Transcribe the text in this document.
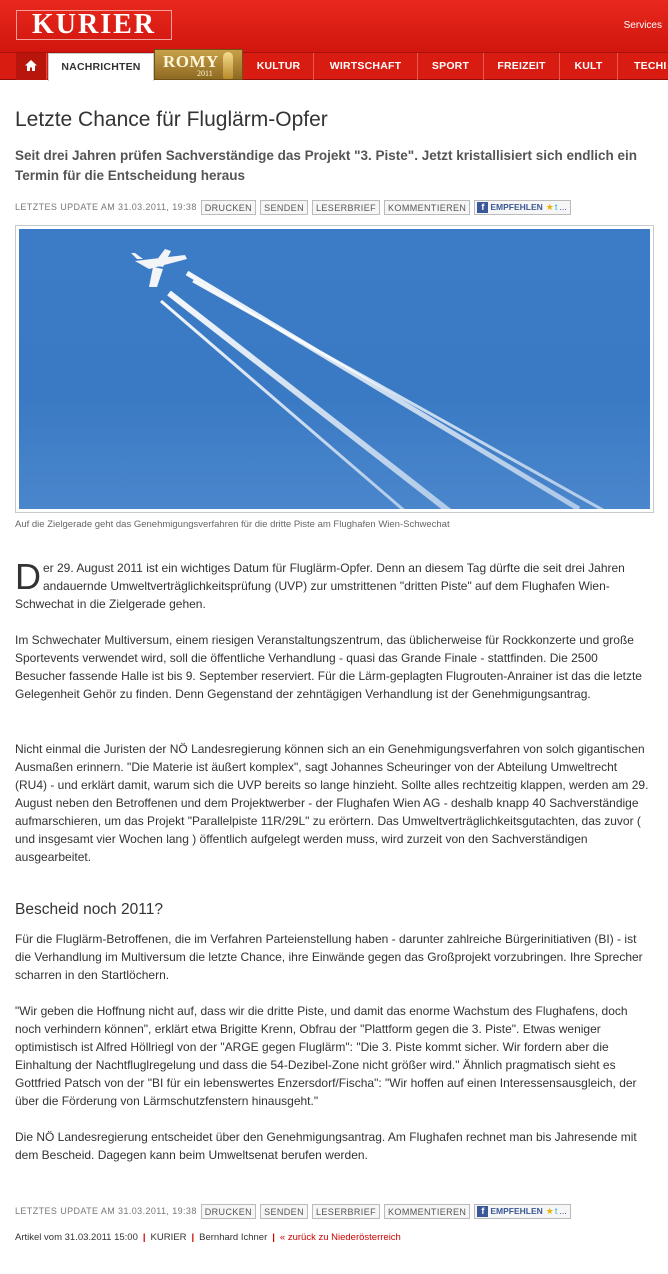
KURIER	Services
NACHRICHTEN	ROMY
2011
KULTUR	WIRTSCHAFT	SPORT	FREIZEIT	KULT	TECHI
Letzte Chance für Fluglärm-Opfer
Seit drei Jahren prüfen Sachverständige das Projekt "3. Piste". Jetzt kristallisiert sich endlich ein Termin für die Entscheidung heraus
LETZTES UPDATE AM 31.03.2011, 19:38 DRUCKEN	SENDEN	LESERBRIEF	KOMMENTIEREN	f EMPFEHLEN ★ t ...
Auf die Zielgerade geht das Genehmigungsverfahren für die dritte Piste am Flughafen Wien-Schwechat
Der 29. August 2011 ist ein wichtiges Datum für Fluglärm-Opfer. Denn an diesem Tag dürfte die seit drei Jahren andauernde Umweltverträglichkeitsprüfung (UVP) zur umstrittenen "dritten Piste" auf dem Flughafen Wien-Schwechat in die Zielgerade gehen.
Im Schwechater Multiversum, einem riesigen Veranstaltungszentrum, das üblicherweise für Rockkonzerte und große Sportevents verwendet wird, soll die öffentliche Verhandlung - quasi das Grande Finale - stattfinden. Die 2500 Besucher fassende Halle ist bis 9. September reserviert. Für die Lärm-geplagten Flugrouten-Anrainer ist das die letzte Gelegenheit Gehör zu finden. Denn Gegenstand der zehntägigen Verhandlung ist der Genehmigungsantrag.
Nicht einmal die Juristen der NÖ Landesregierung können sich an ein Genehmigungsverfahren von solch gigantischen Ausmaßen erinnern. "Die Materie ist äußert komplex", sagt Johannes Scheuringer von der Abteilung Umweltrecht (RU4) - und erklärt damit, warum sich die UVP bereits so lange hinzieht. Sollte alles rechtzeitig klappen, werden am 29. August neben den Betroffenen und dem Projektwerber - der Flughafen Wien AG - deshalb knapp 40 Sachverständige aufmarschieren, um das Projekt "Parallelpiste 11R/29L" zu erörtern. Das Umweltverträglichkeitsgutachten, das zuvor ( und insgesamt vier Wochen lang ) öffentlich aufgelegt werden muss, wird zurzeit von den Sachverständigen ausgearbeitet.
Bescheid noch 2011?
Für die Fluglärm-Betroffenen, die im Verfahren Parteienstellung haben - darunter zahlreiche Bürgerinitiativen (BI) - ist die Verhandlung im Multiversum die letzte Chance, ihre Einwände gegen das Großprojekt vorzubringen. Ihre Sprecher scharren in den Startlöchern.
"Wir geben die Hoffnung nicht auf, dass wir die dritte Piste, und damit das enorme Wachstum des Flughafens, doch noch verhindern können", erklärt etwa Brigitte Krenn, Obfrau der "Plattform gegen die 3. Piste". Etwas weniger optimistisch ist Alfred Höllriegl von der "ARGE gegen Fluglärm": "Die 3. Piste kommt sicher. Wir fordern aber die Einhaltung der Nachtfluglregelung und dass die 54-Dezibel-Zone nicht größer wird." Ähnlich pragmatisch sieht es Gottfried Patsch von der "BI für ein lebenswertes Enzersdorf/Fischa": "Wir hoffen auf einen Interessensausgleich, der über die Förderung von Lärmschutzfenstern hinausgeht."
Die NÖ Landesregierung entscheidet über den Genehmigungsantrag. Am Flughafen rechnet man bis Jahresende mit dem Bescheid. Dagegen kann beim Umweltsenat berufen werden.
LETZTES UPDATE AM 31.03.2011, 19:38 DRUCKEN	SENDEN	LESERBRIEF	KOMMENTIEREN	f EMPFEHLEN ★ t ...
Artikel vom 31.03.2011 15:00 | KURIER | Bernhard Ichner | « zurück zu Niederösterreich
